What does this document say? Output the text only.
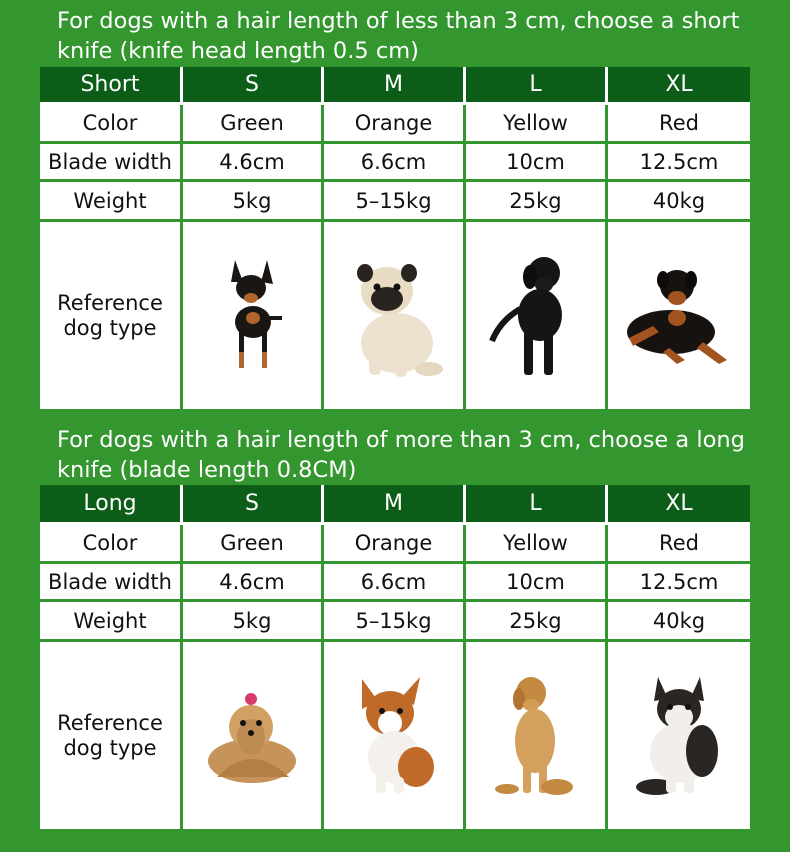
For dogs with a hair length of less than 3 cm, choose a short
knife (knife head length 0.5 cm)

Short	S	M	L	XL
Color	Green	Orange	Yellow	Red
Blade width	4.6cm	6.6cm	10cm	12.5cm
Weight	5kg	5–15kg	25kg	40kg
Reference
dog type

For dogs with a hair length of more than 3 cm, choose a long
knife (blade length 0.8CM)

Long	S	M	L	XL
Color	Green	Orange	Yellow	Red
Blade width	4.6cm	6.6cm	10cm	12.5cm
Weight	5kg	5–15kg	25kg	40kg
Reference
dog type
